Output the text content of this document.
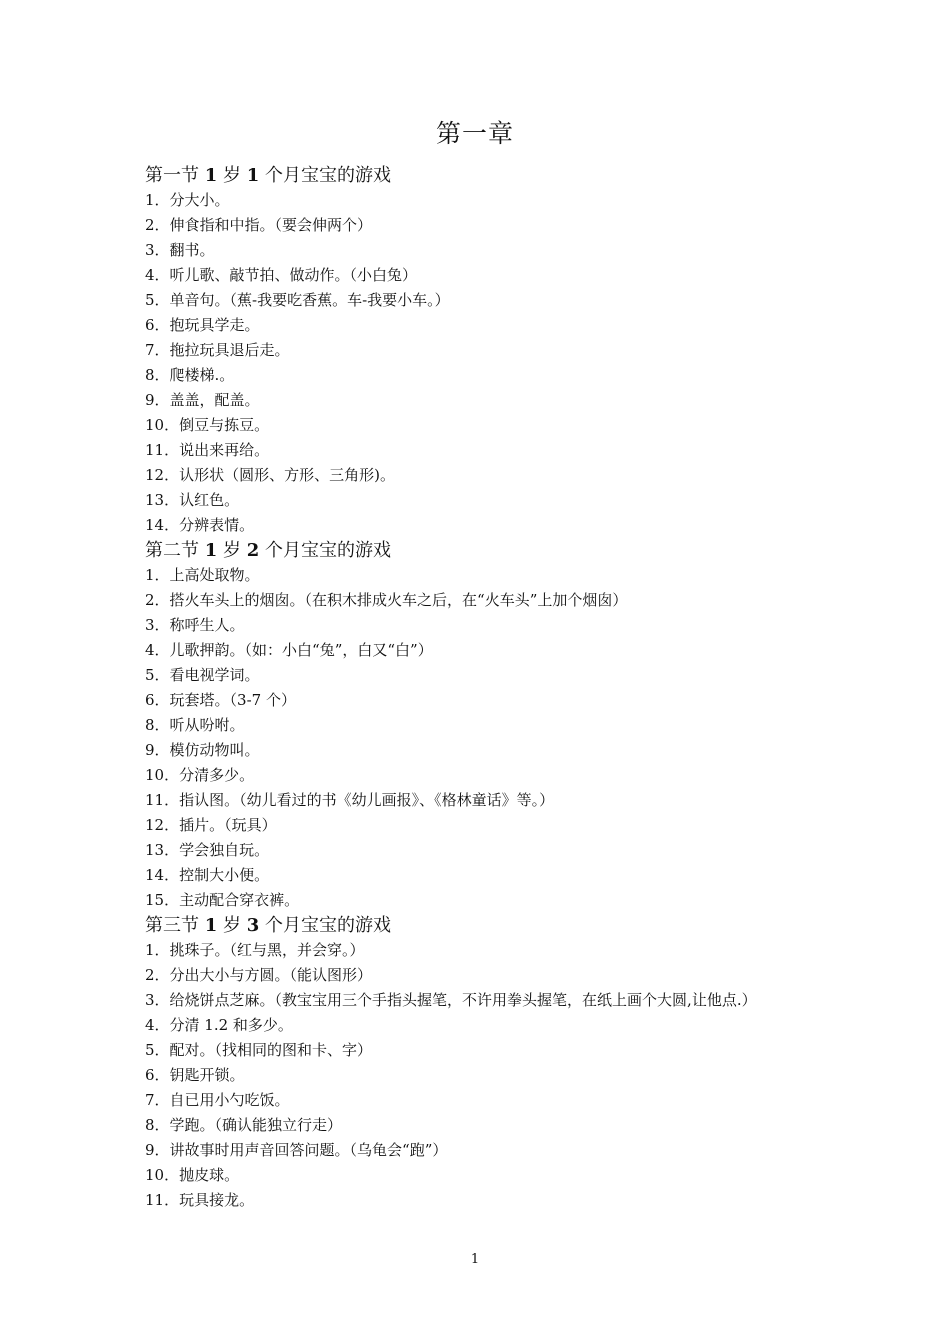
第一章
第一节 1 岁 1 个月宝宝的游戏
1．分大小。
2．伸食指和中指。（要会伸两个）
3．翻书。
4．听儿歌、敲节拍、做动作。（小白兔）
5．单音句。（蕉-我要吃香蕉。车-我要小车。）
6．抱玩具学走。
7．拖拉玩具退后走。
8．爬楼梯.。
9．盖盖，配盖。
10．倒豆与拣豆。
11．说出来再给。
12．认形状（圆形、方形、三角形)。
13．认红色。
14．分辨表情。
第二节 1 岁 2 个月宝宝的游戏
1．上高处取物。
2．搭火车头上的烟囱。（在积木排成火车之后，在“火车头”上加个烟囱）
3．称呼生人。
4．儿歌押韵。（如：小白“兔”，白又“白”）
5．看电视学词。
6．玩套塔。（3-7 个）
8．听从吩咐。
9．模仿动物叫。
10．分清多少。
11．指认图。（幼儿看过的书《幼儿画报》、《格林童话》等。）
12．插片。（玩具）
13．学会独自玩。
14．控制大小便。
15．主动配合穿衣裤。
第三节 1 岁 3 个月宝宝的游戏
1．挑珠子。（红与黑，并会穿。）
2．分出大小与方圆。（能认图形）
3．给烧饼点芝麻。（教宝宝用三个手指头握笔，不许用拳头握笔，在纸上画个大圆,让他点.）
4．分清 1.2 和多少。
5．配对。（找相同的图和卡、字）
6．钥匙开锁。
7．自已用小勺吃饭。
8．学跑。（确认能独立行走）
9．讲故事时用声音回答问题。（乌龟会“跑”）
10．抛皮球。
11．玩具接龙。
1
